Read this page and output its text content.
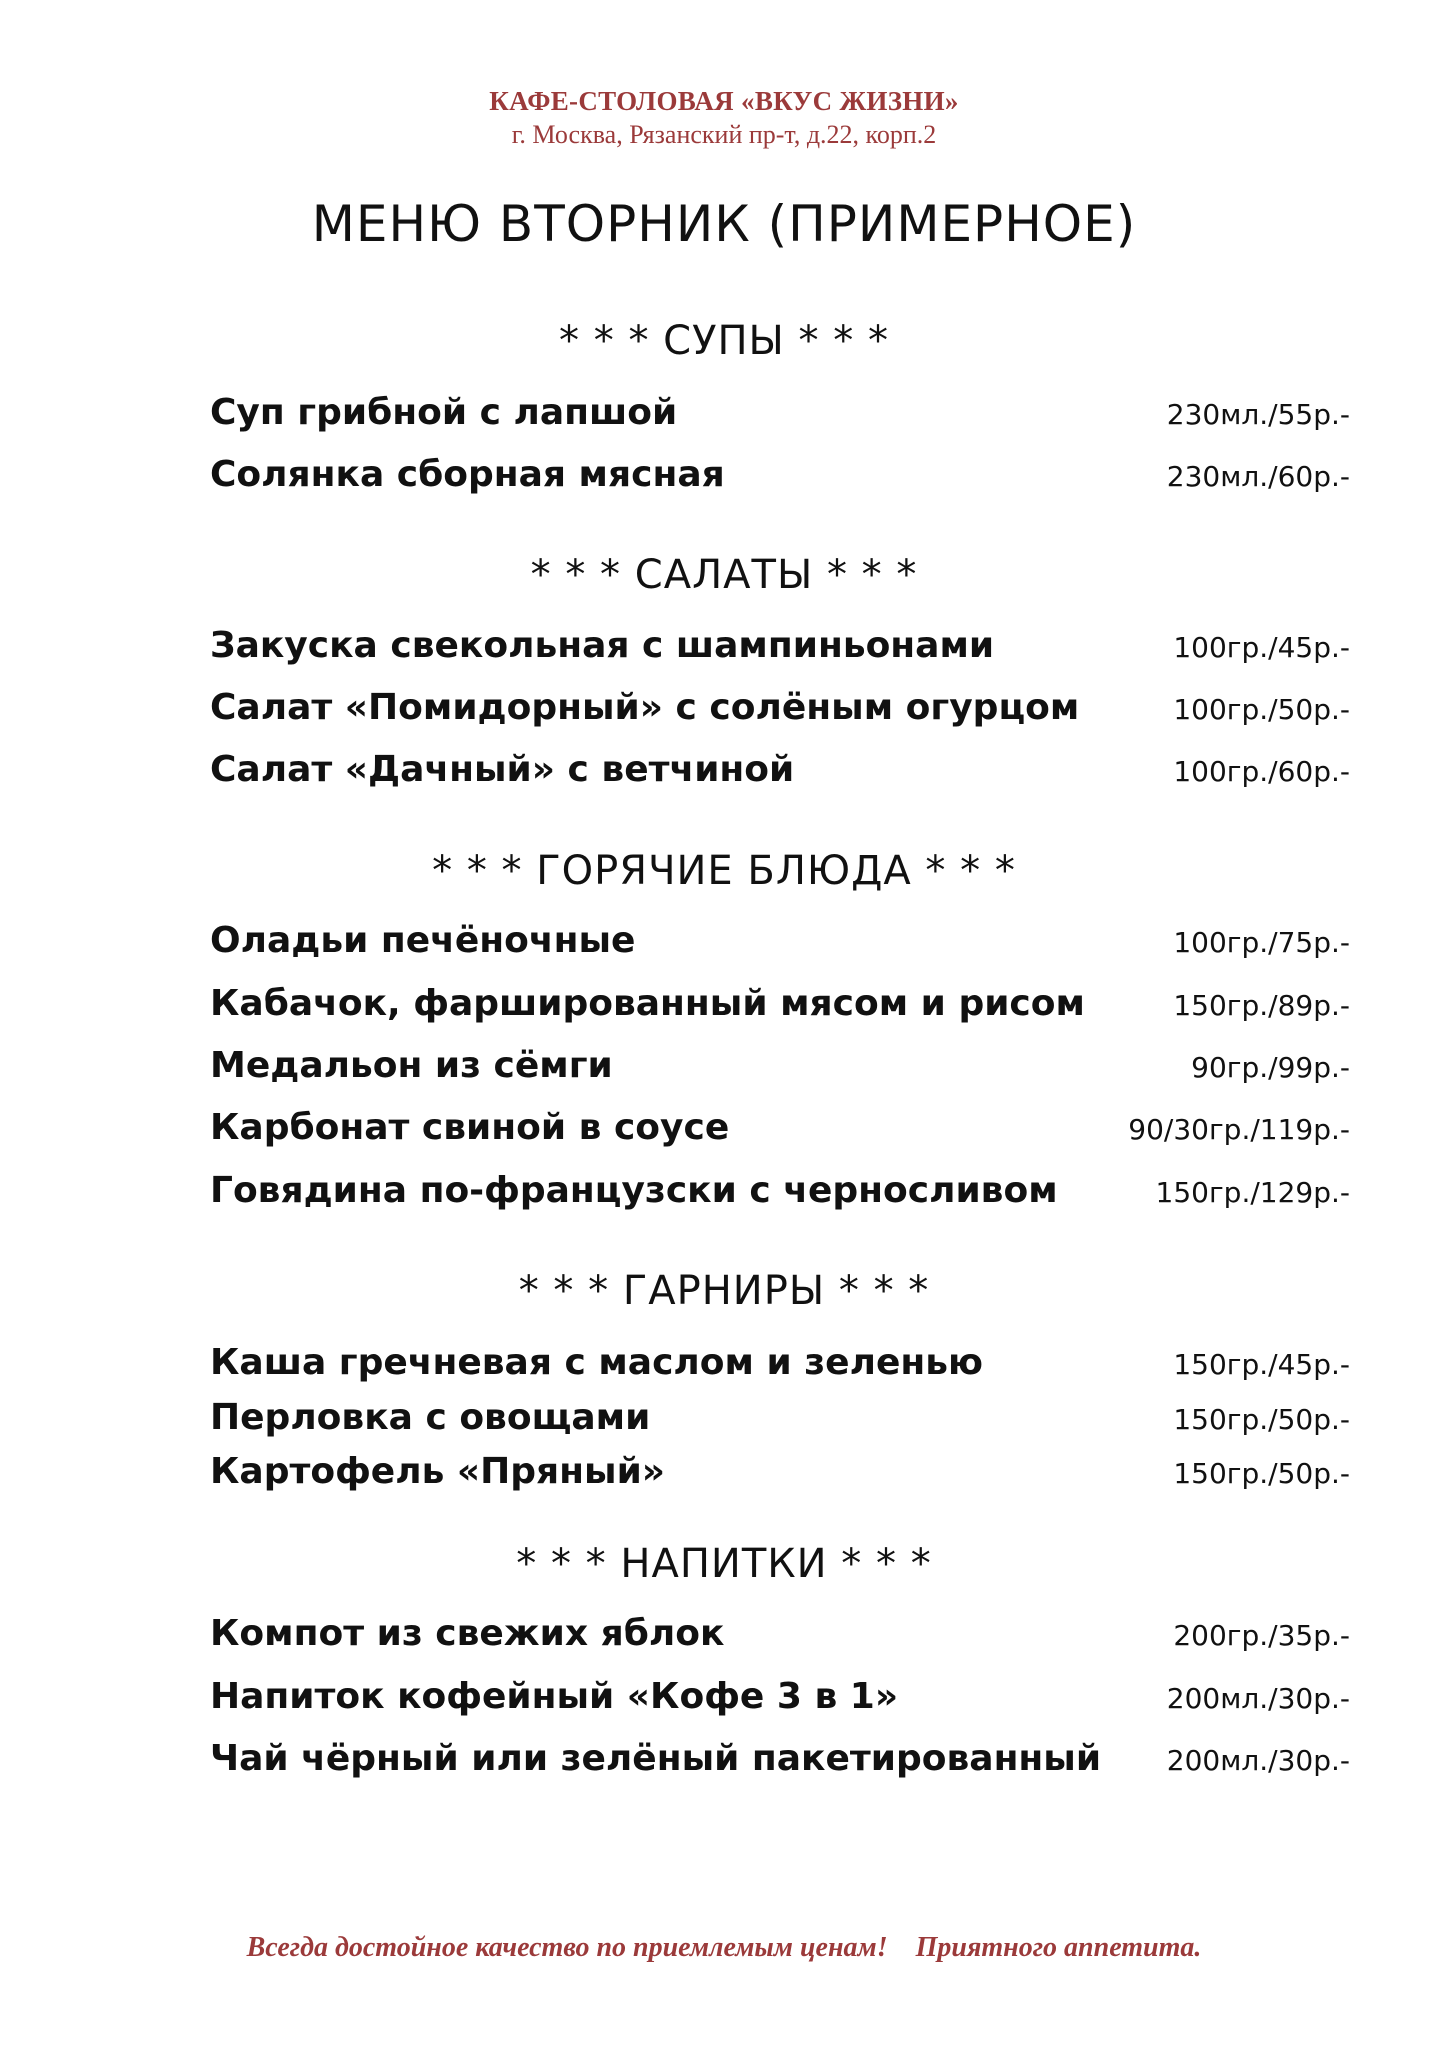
КАФЕ-СТОЛОВАЯ «ВКУС ЖИЗНИ»
г. Москва, Рязанский пр-т, д.22, корп.2
МЕНЮ ВТОРНИК (ПРИМЕРНОЕ)
* * * СУПЫ * * *
Суп грибной с лапшой	230мл./55р.-
Солянка сборная мясная	230мл./60р.-
* * * САЛАТЫ * * *
Закуска свекольная с шампиньонами	100гр./45р.-
Салат «Помидорный» с солёным огурцом	100гр./50р.-
Салат «Дачный» с ветчиной	100гр./60р.-
* * * ГОРЯЧИЕ БЛЮДА * * *
Оладьи печёночные	100гр./75р.-
Кабачок, фаршированный мясом и рисом	150гр./89р.-
Медальон из сёмги	90гр./99р.-
Карбонат свиной в соусе	90/30гр./119р.-
Говядина по-французски с черносливом	150гр./129р.-
* * * ГАРНИРЫ * * *
Каша гречневая с маслом и зеленью	150гр./45р.-
Перловка с овощами	150гр./50р.-
Картофель «Пряный»	150гр./50р.-
* * * НАПИТКИ * * *
Компот из свежих яблок	200гр./35р.-
Напиток кофейный «Кофе 3 в 1»	200мл./30р.-
Чай чёрный или зелёный пакетированный 200мл./30р.-
Всегда достойное качество по приемлемым ценам! Приятного аппетита.
